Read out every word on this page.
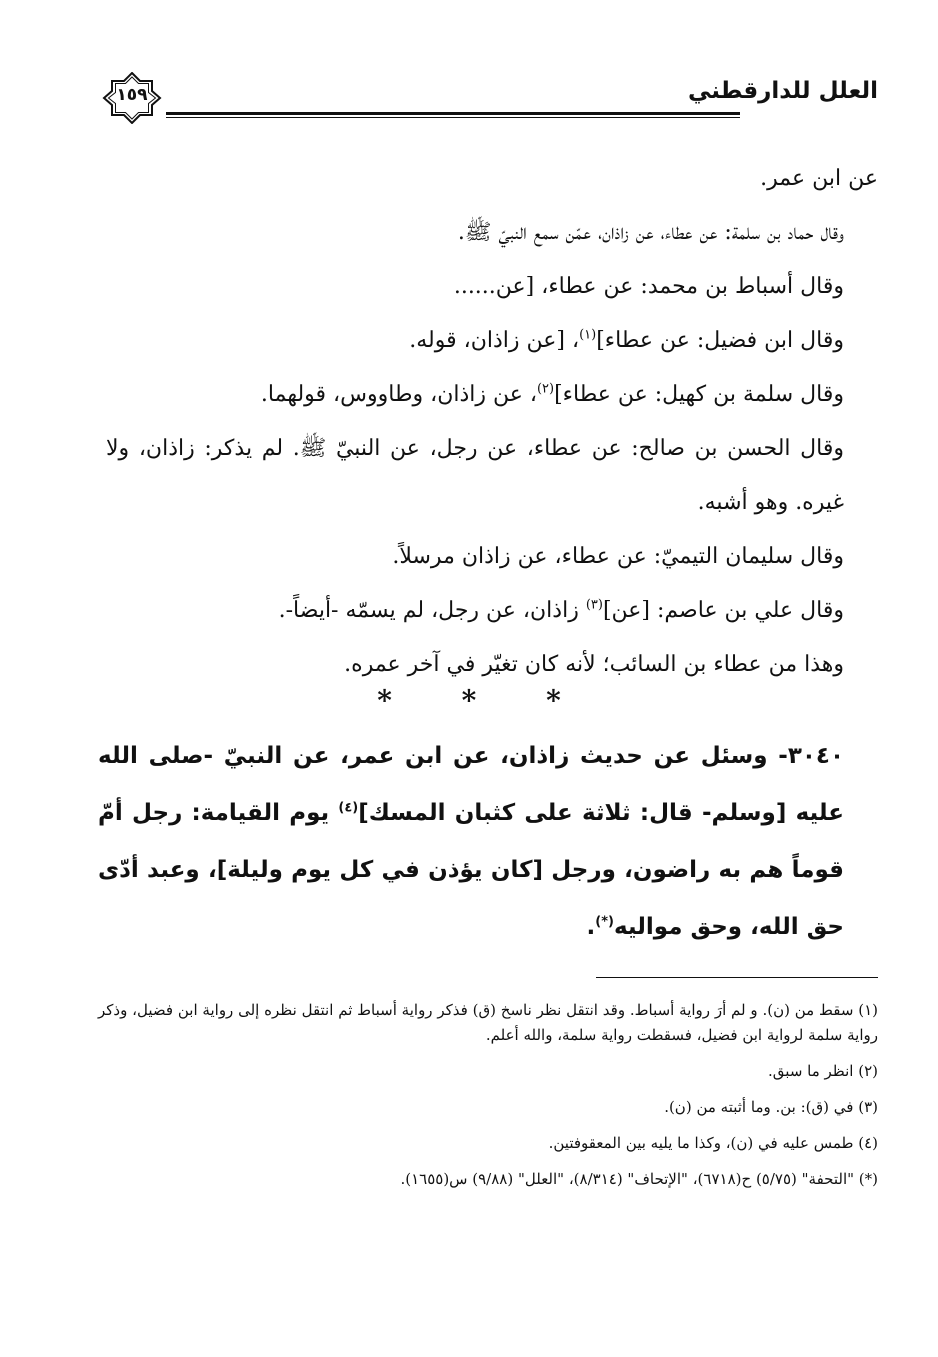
العلل للدارقطني
١٥٩

عن ابن عمر.

وقال حماد بن سلمة: عن عطاء، عن زاذان، عمّن سمع النبيّ ﷺ.

وقال أسباط بن محمد: عن عطاء، [عن......

وقال ابن فضيل: عن عطاء]$^{(١)}$، [عن زاذان، قوله.

وقال سلمة بن كهيل: عن عطاء]$^{(٢)}$، عن زاذان، وطاووس، قولهما.

وقال الحسن بن صالح: عن عطاء، عن رجل، عن النبيّ ﷺ. لم يذكر: زاذان، ولا غيره. وهو أشبه.

وقال سليمان التيميّ: عن عطاء، عن زاذان مرسلاً.

وقال علي بن عاصم: [عن]$^{(٣)}$ زاذان، عن رجل، لم يسمّه -أيضاً-.

وهذا من عطاء بن السائب؛ لأنه كان تغيّر في آخر عمره.

* * *

٣٠٤٠- وسئل عن حديث زاذان، عن ابن عمر، عن النبيّ -صلى الله عليه [وسلم- قال: ثلاثة على كثبان المسك]$^{(٤)}$ يوم القيامة: رجل أمّ قوماً هم به راضون، ورجل [كان يؤذن في كل يوم وليلة]، وعبد أدّى حق الله، وحق مواليه(*).

(١) سقط من (ن). و لم أرَ رواية أسباط. وقد انتقل نظر ناسخ (ق) فذكر رواية أسباط ثم انتقل نظره إلى رواية ابن فضيل، وذكر رواية سلمة لرواية ابن فضيل، فسقطت رواية سلمة، والله أعلم.

(٢) انظر ما سبق.

(٣) في (ق): بن. وما أثبته من (ن).

(٤) طمس عليه في (ن)، وكذا ما يليه بين المعقوفتين.

(*) "التحفة" (٥/٧٥) ح(٦٧١٨)، "الإتحاف" (٨/٣١٤)، "العلل" (٩/٨٨) س(١٦٥٥).
